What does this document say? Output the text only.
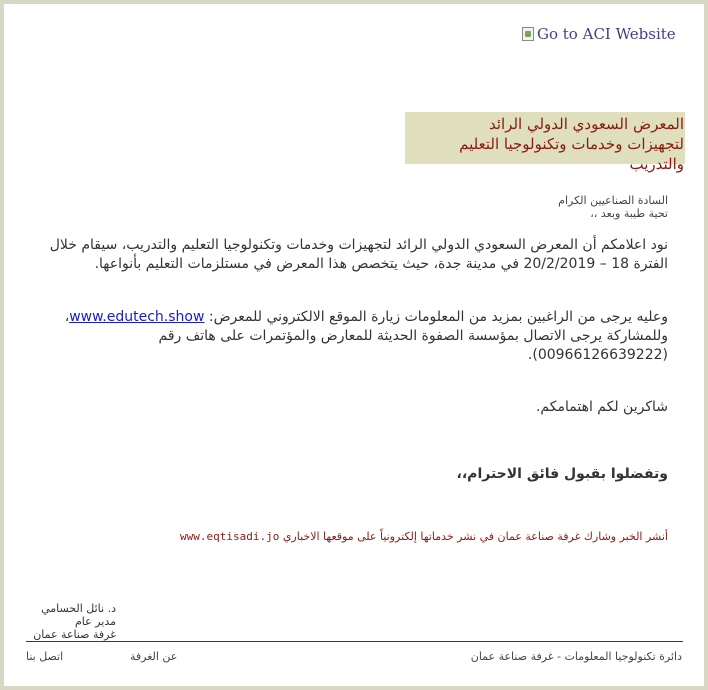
Go to ACI Website
المعرض السعودي الدولي الرائد
لتجهيزات وخدمات وتكنولوجيا التعليم
والتدريب
السادة الصناعيين الكرام
تحية طيبة وبعد ،،
نود اعلامكم أن المعرض السعودي الدولي الرائد لتجهيزات وخدمات وتكنولوجيا التعليم والتدريب، سيقام خلال الفترة 18 – 20/2/2019 في مدينة جدة، حيث يتخصص هذا المعرض في مستلزمات التعليم بأنواعها.
وعليه يرجى من الراغبين بمزيد من المعلومات زيارة الموقع الالكتروني للمعرض: www.edutech.show، وللمشاركة يرجى الاتصال بمؤسسة الصفوة الحديثة للمعارض والمؤتمرات على هاتف رقم (00966126639222).
شاكرين لكم اهتمامكم.
وتفضلوا بقبول فائق الاحترام،،
أنشر الخبر وشارك غرفة صناعة عمان في نشر خدماتها إلكترونياً على موقعها الاخباري www.eqtisadi.jo
د. نائل الحسامي
مدير عام
غرفة صناعة عمان
دائرة تكنولوجيا المعلومات - غرفة صناعة عمان
عن الغرفة
اتصل بنا
